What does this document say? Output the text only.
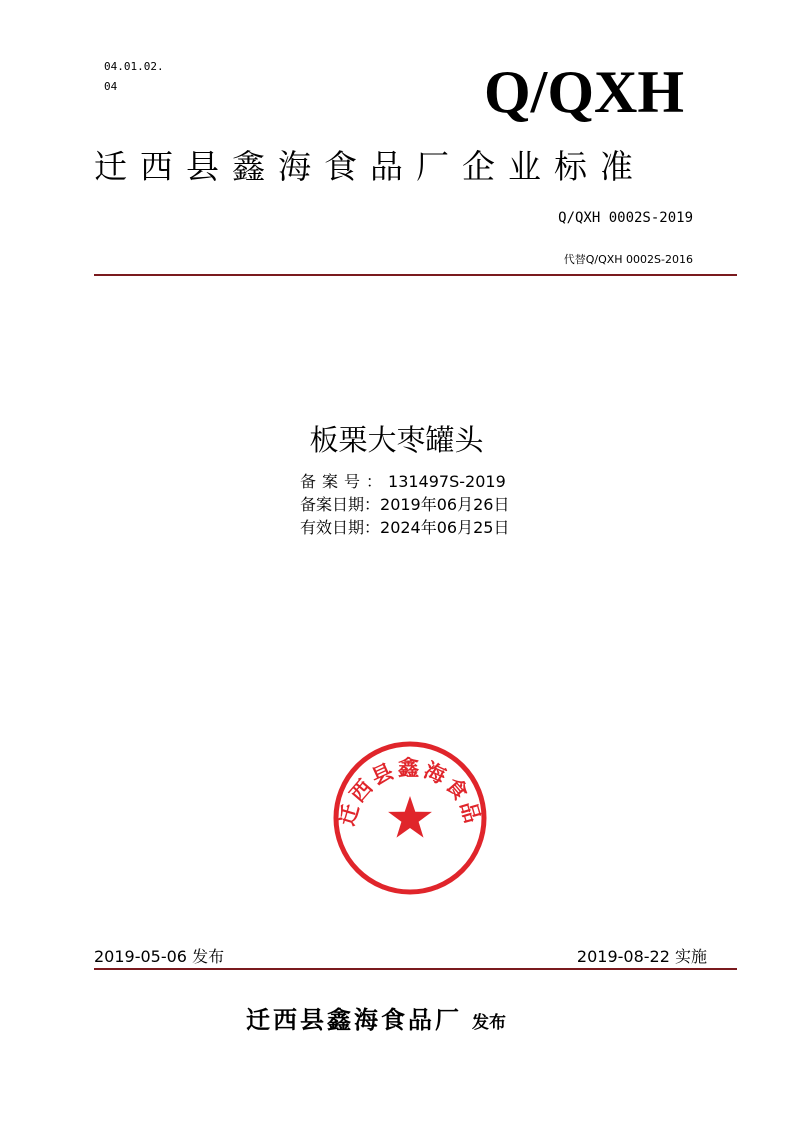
04.01.02.
04	Q/QXH
迁西县鑫海食品厂企业标准
Q/QXH 0002S-2019
代替Q/QXH 0002S-2016
板栗大枣罐头
备案号：131497S-2019
备案日期：2019年06月26日
有效日期：2024年06月25日
迁西县鑫海食品
2019-05-06 发布	2019-08-22 实施
迁西县鑫海食品厂 发布
